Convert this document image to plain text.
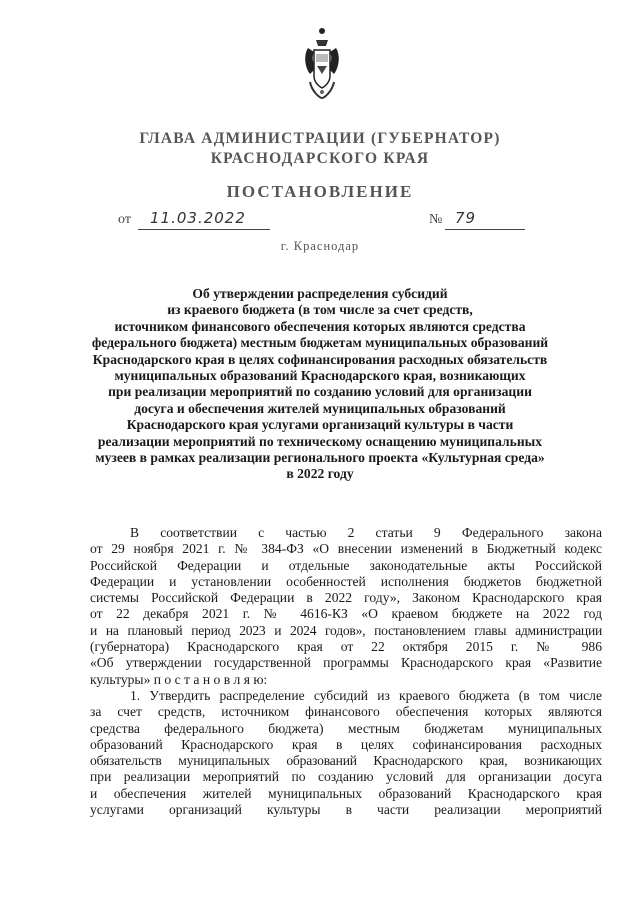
ГЛАВА АДМИНИСТРАЦИИ (ГУБЕРНАТОР)
КРАСНОДАРСКОГО КРАЯ
ПОСТАНОВЛЕНИЕ
от 11.03.2022	№ 79
г. Краснодар
Об утверждении распределения субсидий
из краевого бюджета (в том числе за счет средств,
источником финансового обеспечения которых являются средства
федерального бюджета) местным бюджетам муниципальных образований
Краснодарского края в целях софинансирования расходных обязательств
муниципальных образований Краснодарского края, возникающих
при реализации мероприятий по созданию условий для организации
досуга и обеспечения жителей муниципальных образований
Краснодарского края услугами организаций культуры в части
реализации мероприятий по техническому оснащению муниципальных
музеев в рамках реализации регионального проекта «Культурная среда»
в 2022 году
В соответствии с частью 2 статьи 9 Федерального закона
от 29 ноября 2021 г. № 384-ФЗ «О внесении изменений в Бюджетный кодекс
Российской Федерации и отдельные законодательные акты Российской
Федерации и установлении особенностей исполнения бюджетов бюджетной
системы Российской Федерации в 2022 году», Законом Краснодарского края
от 22 декабря 2021 г. № 4616-КЗ «О краевом бюджете на 2022 год
и на плановый период 2023 и 2024 годов», постановлением главы администрации
(губернатора) Краснодарского края от 22 октября 2015 г. № 986
«Об утверждении государственной программы Краснодарского края «Развитие
культуры» п о с т а н о в л я ю:
1. Утвердить распределение субсидий из краевого бюджета (в том числе
за счет средств, источником финансового обеспечения которых являются
средства федерального бюджета) местным бюджетам муниципальных
образований Краснодарского края в целях софинансирования расходных
обязательств муниципальных образований Краснодарского края, возникающих
при реализации мероприятий по созданию условий для организации досуга
и обеспечения жителей муниципальных образований Краснодарского края
услугами организаций культуры в части реализации мероприятий
